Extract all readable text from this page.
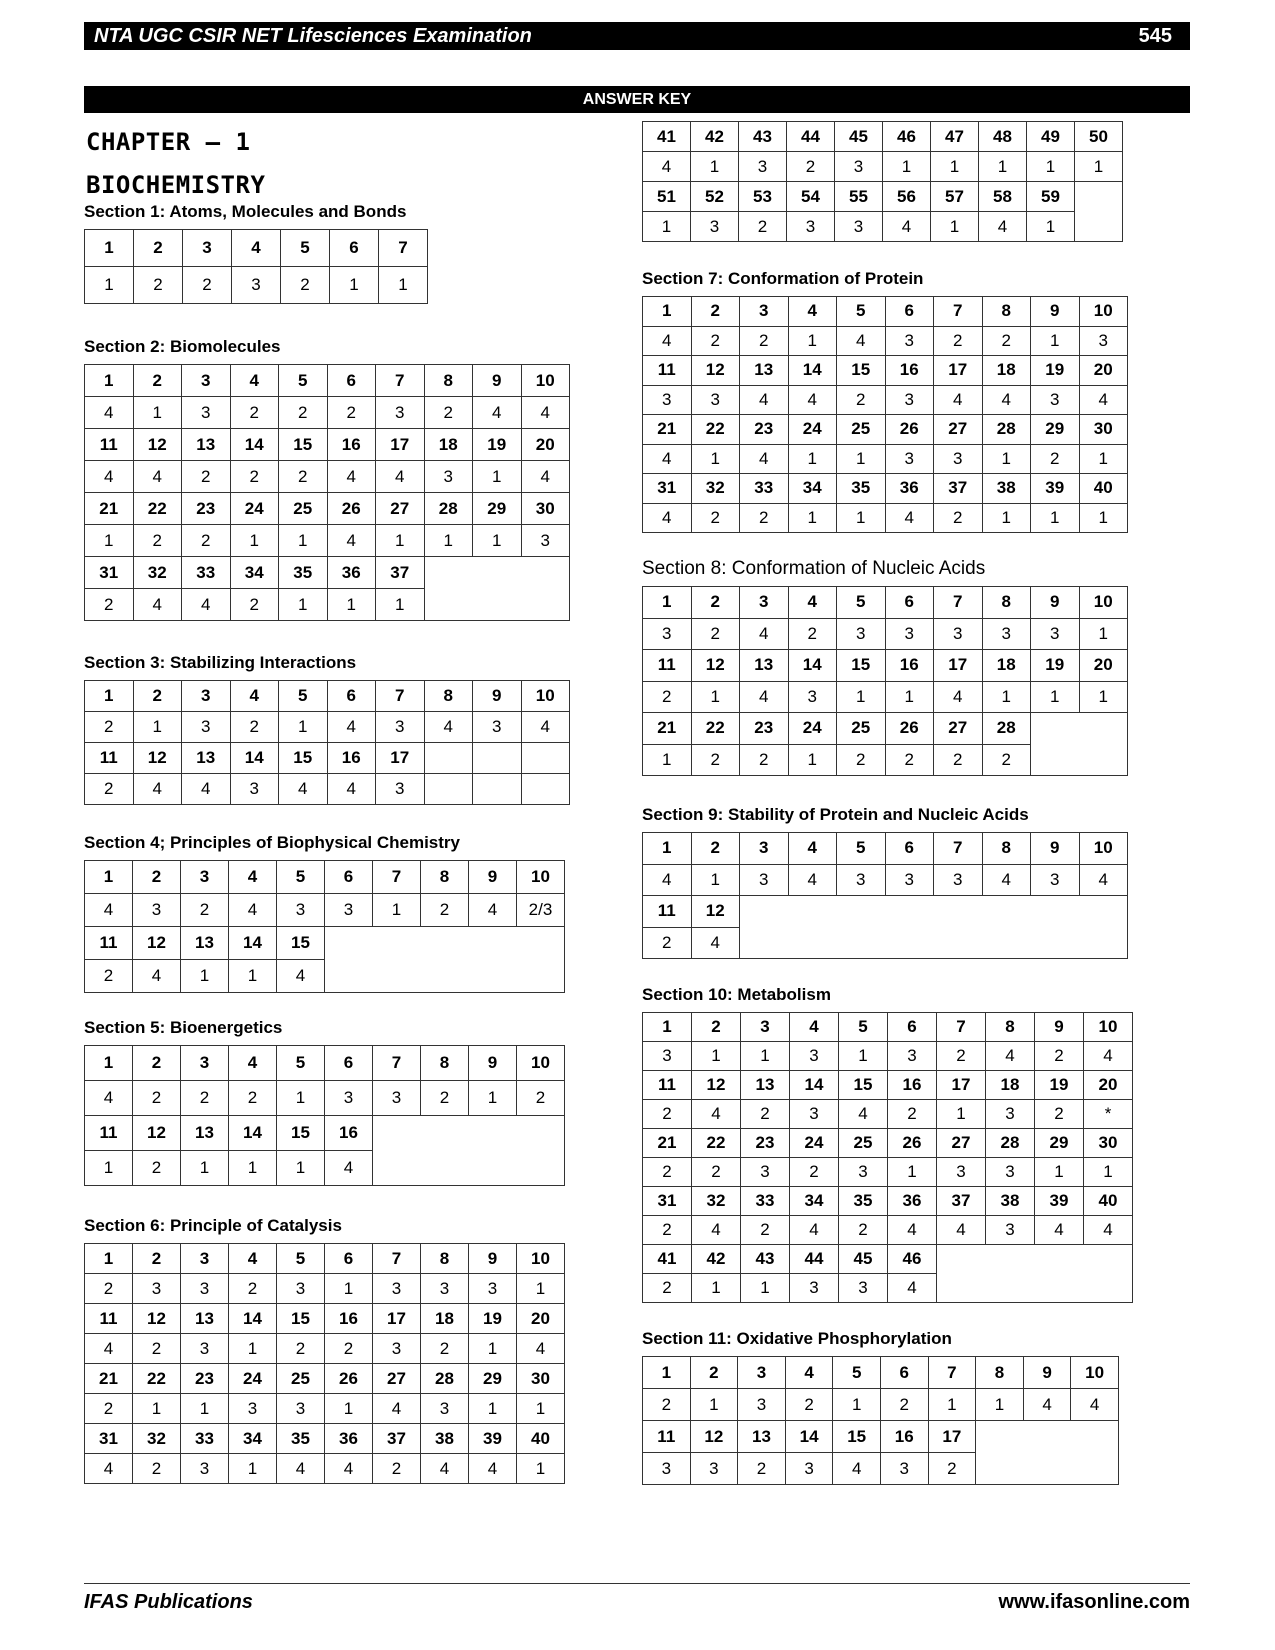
NTA UGC CSIR NET Lifesciences Examination	545
ANSWER KEY
CHAPTER – 1
BIOCHEMISTRY
Section 1: Atoms, Molecules and Bonds
1	2	3	4	5	6	7
1	2	2	3	2	1	1
Section 2: Biomolecules
1	2	3	4	5	6	7	8	9	10
4	1	3	2	2	2	3	2	4	4
11	12	13	14	15	16	17	18	19	20
4	4	2	2	2	4	4	3	1	4
21	22	23	24	25	26	27	28	29	30
1	2	2	1	1	4	1	1	1	3
31	32	33	34	35	36	37			
2	4	4	2	1	1	1			
Section 3: Stabilizing Interactions
1	2	3	4	5	6	7	8	9	10
2	1	3	2	1	4	3	4	3	4
11	12	13	14	15	16	17			
2	4	4	3	4	4	3			
Section 4; Principles of Biophysical Chemistry
1	2	3	4	5	6	7	8	9	10
4	3	2	4	3	3	1	2	4	2/3
11	12	13	14	15					
2	4	1	1	4					
Section 5: Bioenergetics
1	2	3	4	5	6	7	8	9	10
4	2	2	2	1	3	3	2	1	2
11	12	13	14	15	16				
1	2	1	1	1	4				
Section 6: Principle of Catalysis
1	2	3	4	5	6	7	8	9	10
2	3	3	2	3	1	3	3	3	1
11	12	13	14	15	16	17	18	19	20
4	2	3	1	2	2	3	2	1	4
21	22	23	24	25	26	27	28	29	30
2	1	1	3	3	1	4	3	1	1
31	32	33	34	35	36	37	38	39	40
4	2	3	1	4	4	2	4	4	1
41	42	43	44	45	46	47	48	49	50
4	1	3	2	3	1	1	1	1	1
51	52	53	54	55	56	57	58	59	
1	3	2	3	3	4	1	4	1	
Section 7: Conformation of Protein
1	2	3	4	5	6	7	8	9	10
4	2	2	1	4	3	2	2	1	3
11	12	13	14	15	16	17	18	19	20
3	3	4	4	2	3	4	4	3	4
21	22	23	24	25	26	27	28	29	30
4	1	4	1	1	3	3	1	2	1
31	32	33	34	35	36	37	38	39	40
4	2	2	1	1	4	2	1	1	1
Section 8: Conformation of Nucleic Acids
1	2	3	4	5	6	7	8	9	10
3	2	4	2	3	3	3	3	3	1
11	12	13	14	15	16	17	18	19	20
2	1	4	3	1	1	4	1	1	1
21	22	23	24	25	26	27	28		
1	2	2	1	2	2	2	2		
Section 9: Stability of Protein and Nucleic Acids
1	2	3	4	5	6	7	8	9	10
4	1	3	4	3	3	3	4	3	4
11	12								
2	4								
Section 10: Metabolism
1	2	3	4	5	6	7	8	9	10
3	1	1	3	1	3	2	4	2	4
11	12	13	14	15	16	17	18	19	20
2	4	2	3	4	2	1	3	2	*
21	22	23	24	25	26	27	28	29	30
2	2	3	2	3	1	3	3	1	1
31	32	33	34	35	36	37	38	39	40
2	4	2	4	2	4	4	3	4	4
41	42	43	44	45	46				
2	1	1	3	3	4				
Section 11: Oxidative Phosphorylation
1	2	3	4	5	6	7	8	9	10
2	1	3	2	1	2	1	1	4	4
11	12	13	14	15	16	17			
3	3	2	3	4	3	2			
IFAS Publications	www.ifasonline.com
